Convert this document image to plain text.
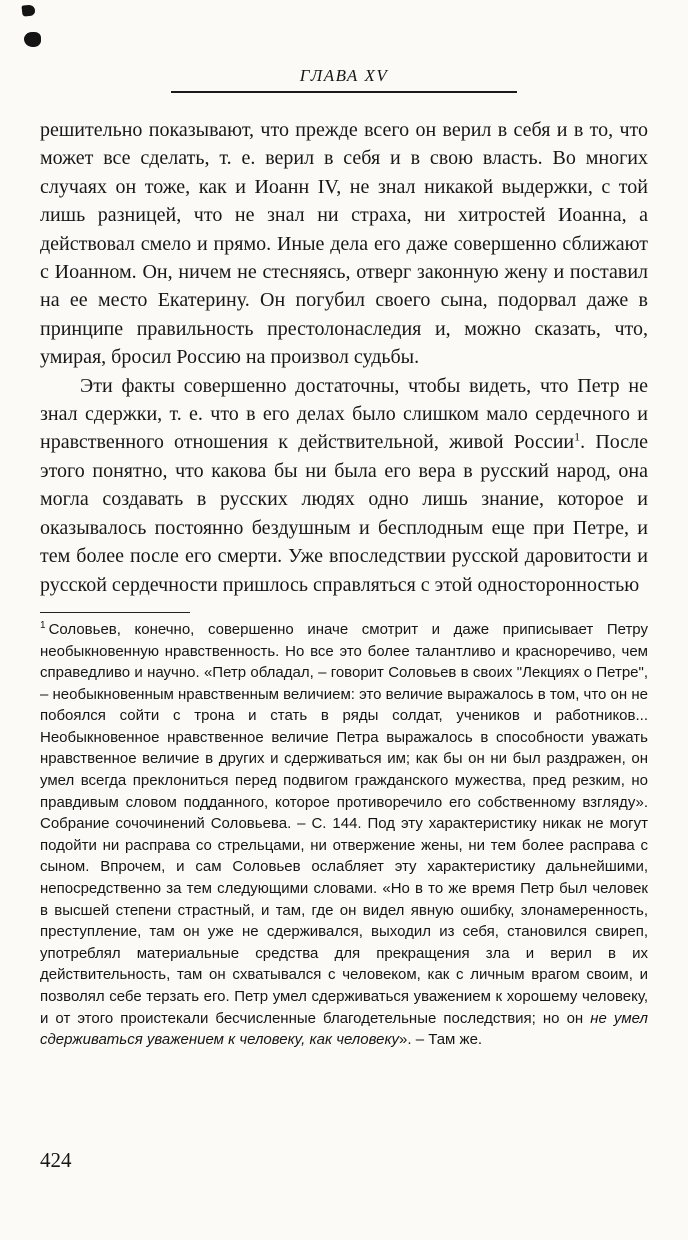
ГЛАВА XV

решительно показывают, что прежде всего он верил в себя и в то, что может все сделать, т. е. верил в себя и в свою власть. Во многих случаях он тоже, как и Иоанн IV, не знал никакой выдержки, с той лишь разницей, что не знал ни страха, ни хитростей Иоанна, а действовал смело и прямо. Иные дела его даже совершенно сближают с Иоанном. Он, ничем не стесняясь, отверг законную жену и поставил на ее место Екатерину. Он погубил своего сына, подорвал даже в принципе правильность престолонаследия и, можно сказать, что, умирая, бросил Россию на произвол судьбы.

Эти факты совершенно достаточны, чтобы видеть, что Петр не знал сдержки, т. е. что в его делах было слишком мало сердечного и нравственного отношения к действительной, живой России$^1$. После этого понятно, что какова бы ни была его вера в русский народ, она могла создавать в русских людях одно лишь знание, которое и оказывалось постоянно бездушным и бесплодным еще при Петре, и тем более после его смерти. Уже впоследствии русской даровитости и русской сердечности пришлось справляться с этой односторонностью

$^1$ Соловьев, конечно, совершенно иначе смотрит и даже приписывает Петру необыкновенную нравственность. Но все это более талантливо и красноречиво, чем справедливо и научно. «Петр обладал, – говорит Соловьев в своих "Лекциях о Петре", – необыкновенным нравственным величием: это величие выражалось в том, что он не побоялся сойти с трона и стать в ряды солдат, учеников и работников... Необыкновенное нравственное величие Петра выражалось в способности уважать нравственное величие в других и сдерживаться им; как бы он ни был раздражен, он умел всегда преклониться перед подвигом гражданского мужества, пред резким, но правдивым словом подданного, которое противоречило его собственному взгляду». Собрание сочочинений Соловьева. – С. 144. Под эту характеристику никак не могут подойти ни расправа со стрельцами, ни отвержение жены, ни тем более расправа с сыном. Впрочем, и сам Соловьев ослабляет эту характеристику дальнейшими, непосредственно за тем следующими словами. «Но в то же время Петр был человек в высшей степени страстный, и там, где он видел явную ошибку, злонамеренность, преступление, там он уже не сдерживался, выходил из себя, становился свиреп, употреблял материальные средства для прекращения зла и верил в их действительность, там он схватывался с человеком, как с личным врагом своим, и позволял себе терзать его. Петр умел сдерживаться уважением к хорошему человеку, и от этого проистекали бесчисленные благодетельные последствия; но он не умел сдерживаться уважением к человеку, как человеку». – Там же.

424
